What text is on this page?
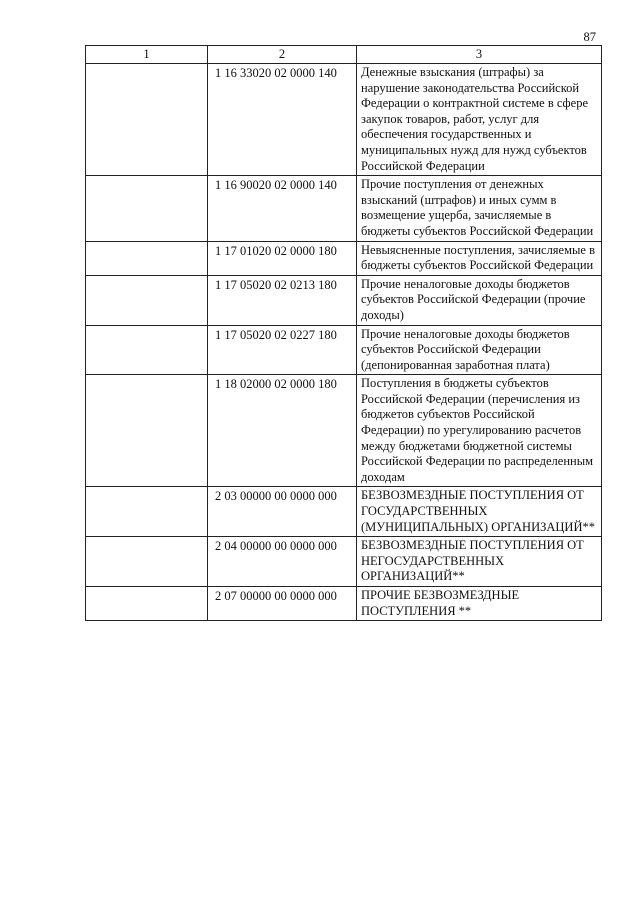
87
1	2	3
	1 16 33020 02 0000 140	Денежные взыскания (штрафы) за нарушение законодательства Российской Федерации о контрактной системе в сфере закупок товаров, работ, услуг для обеспечения государственных и муниципальных нужд для нужд субъектов Российской Федерации
	1 16 90020 02 0000 140	Прочие поступления от денежных взысканий (штрафов) и иных сумм в возмещение ущерба, зачисляемые в бюджеты субъектов Российской Федерации
	1 17 01020 02 0000 180	Невыясненные поступления, зачисляемые в бюджеты субъектов Российской Федерации
	1 17 05020 02 0213 180	Прочие неналоговые доходы бюджетов субъектов Российской Федерации (прочие доходы)
	1 17 05020 02 0227 180	Прочие неналоговые доходы бюджетов субъектов Российской Федерации (депонированная заработная плата)
	1 18 02000 02 0000 180	Поступления в бюджеты субъектов Российской Федерации (перечисления из бюджетов субъектов Российской Федерации) по урегулированию расчетов между бюджетами бюджетной системы Российской Федерации по распределенным доходам
	2 03 00000 00 0000 000	БЕЗВОЗМЕЗДНЫЕ ПОСТУПЛЕНИЯ ОТ ГОСУДАРСТВЕННЫХ (МУНИЦИПАЛЬНЫХ) ОРГАНИЗАЦИЙ**
	2 04 00000 00 0000 000	БЕЗВОЗМЕЗДНЫЕ ПОСТУПЛЕНИЯ ОТ НЕГОСУДАРСТВЕННЫХ ОРГАНИЗАЦИЙ**
	2 07 00000 00 0000 000	ПРОЧИЕ БЕЗВОЗМЕЗДНЫЕ ПОСТУПЛЕНИЯ **
